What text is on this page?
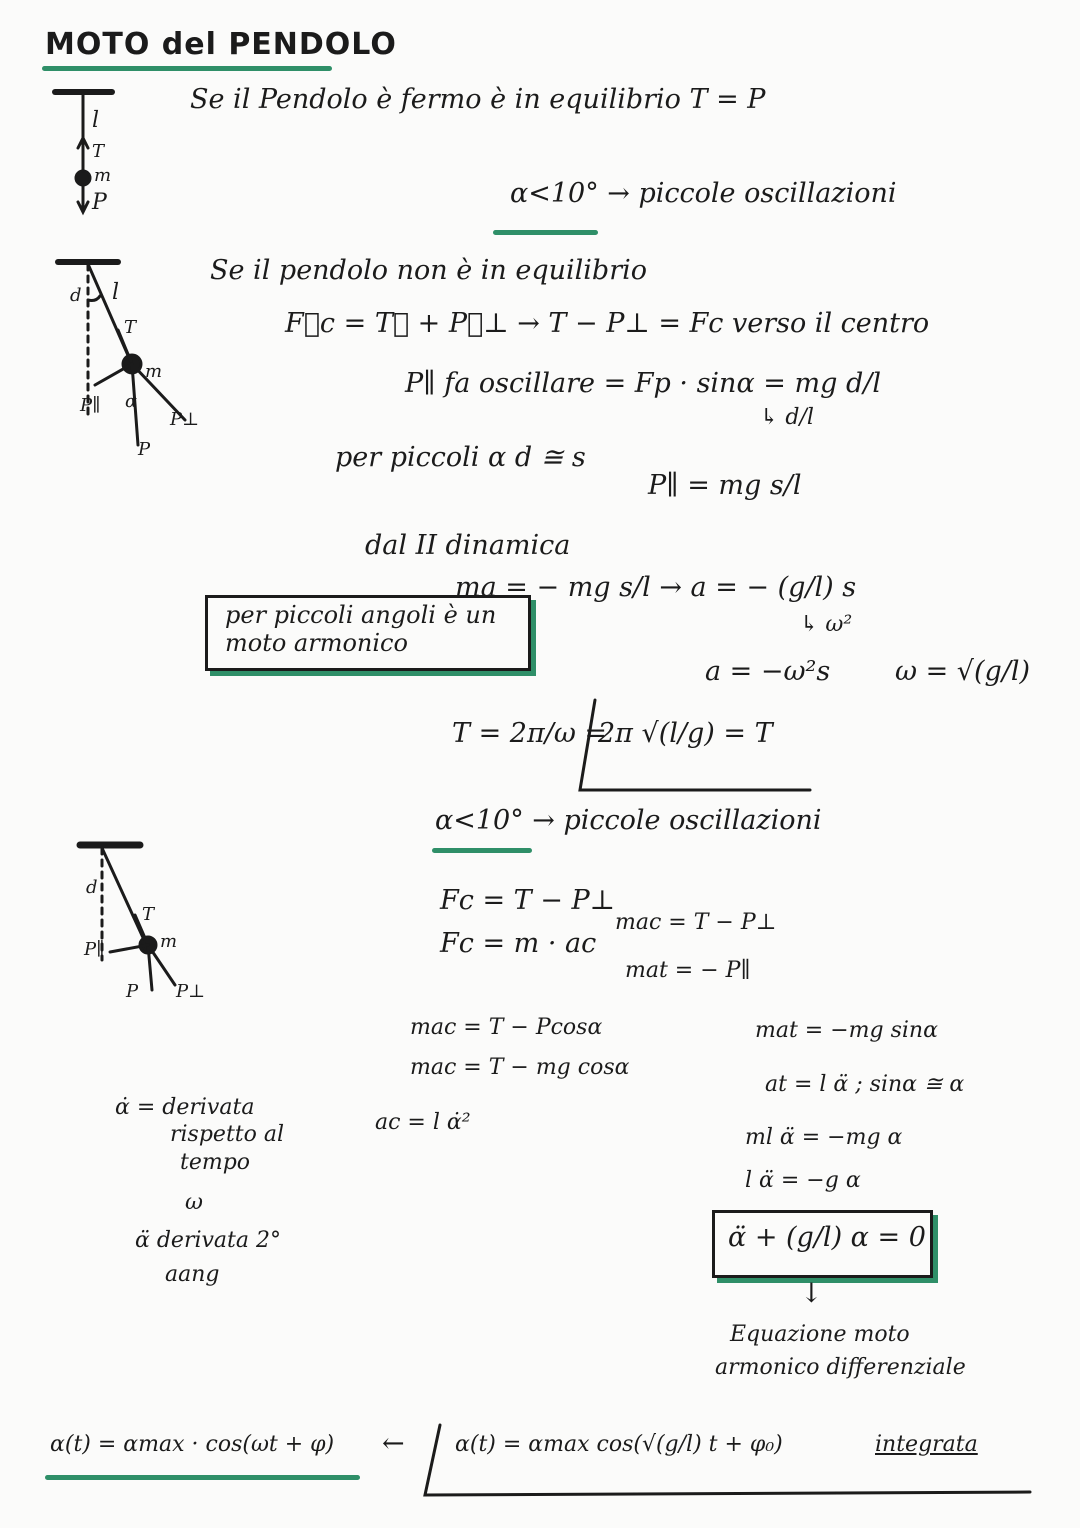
MOTO del PENDOLO
l
T
m
P
Se il Pendolo è fermo è in equilibrio T = P
α<10° → piccole oscillazioni
l
d
T
m
P∥
P⊥
P
α
Se il pendolo non è in equilibrio
F⃗c = T⃗ + P⃗⊥ → T − P⊥ = Fc verso il centro
P∥ fa oscillare = Fp · sinα = mg d/l
↳ d/l
per piccoli α d ≅ s
P∥ = mg s/l
dal II dinamica
ma = − mg s/l → a = − (g/l) s
↳ ω²
a = −ω²s ω = √(g/l)
per piccoli angoli è un moto armonico
T = 2π/ω =
2π √(l/g) = T
α<10° → piccole oscillazioni
d
T
m
P P⊥
P∥
Fc = T − P⊥
Fc = m · ac
mac = T − P⊥
mat = − P∥
mac = T − Pcosα
mac = T − mg cosα
ac = l α̇²
mat = −mg sinα
at = l α̈ ; sinα ≅ α
ml α̈ = −mg α
l α̈ = −g α
α̈ + (g/l) α = 0
↓
Equazione moto
armonico differenziale
α̇ = derivata
rispetto al
tempo
ω
α̈ derivata 2°
aang
α(t) = αmax · cos(ωt + φ) ← α(t) = αmax cos(√(g/l) t + φ₀)	integrata
